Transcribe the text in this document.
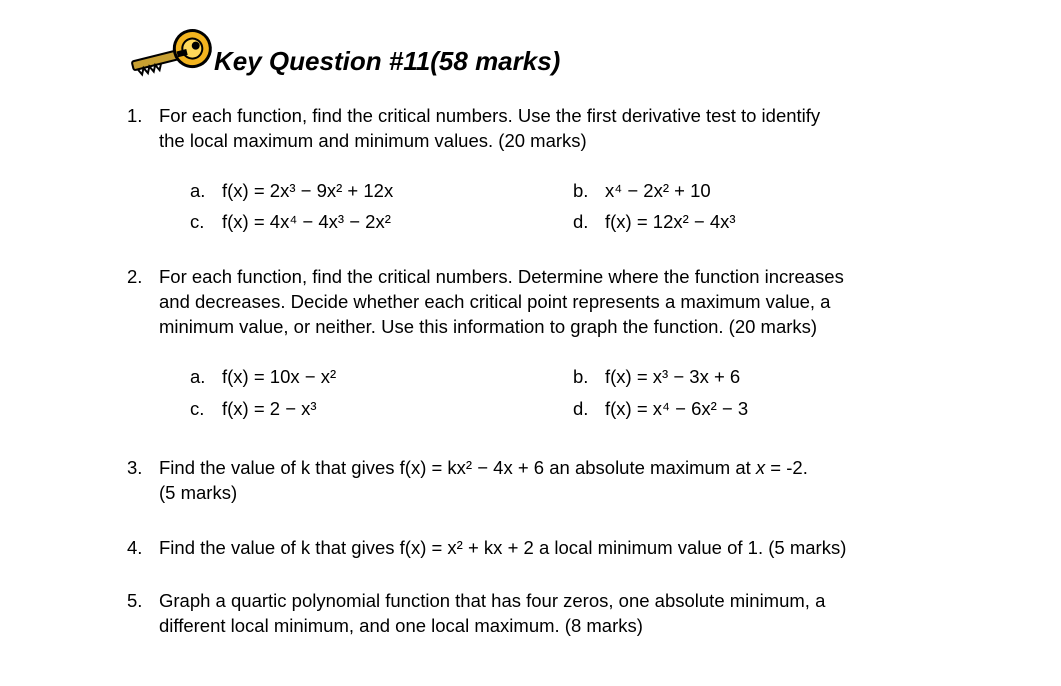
Key Question #11(58 marks)
1. For each function, find the critical numbers. Use the first derivative test to identify
the local maximum and minimum values. (20 marks)
a. f(x) = 2x³ − 9x² + 12x	b. x⁴ − 2x² + 10
c. f(x) = 4x⁴ − 4x³ − 2x²	d. f(x) = 12x² − 4x³
2. For each function, find the critical numbers. Determine where the function increases
and decreases. Decide whether each critical point represents a maximum value, a
minimum value, or neither. Use this information to graph the function. (20 marks)
a. f(x) = 10x − x²	b. f(x) = x³ − 3x + 6
c. f(x) = 2 − x³	d. f(x) = x⁴ − 6x² − 3
3. Find the value of k that gives f(x) = kx² − 4x + 6 an absolute maximum at x = -2.
(5 marks)
4. Find the value of k that gives f(x) = x² + kx + 2 a local minimum value of 1. (5 marks)
5. Graph a quartic polynomial function that has four zeros, one absolute minimum, a
different local minimum, and one local maximum. (8 marks)
